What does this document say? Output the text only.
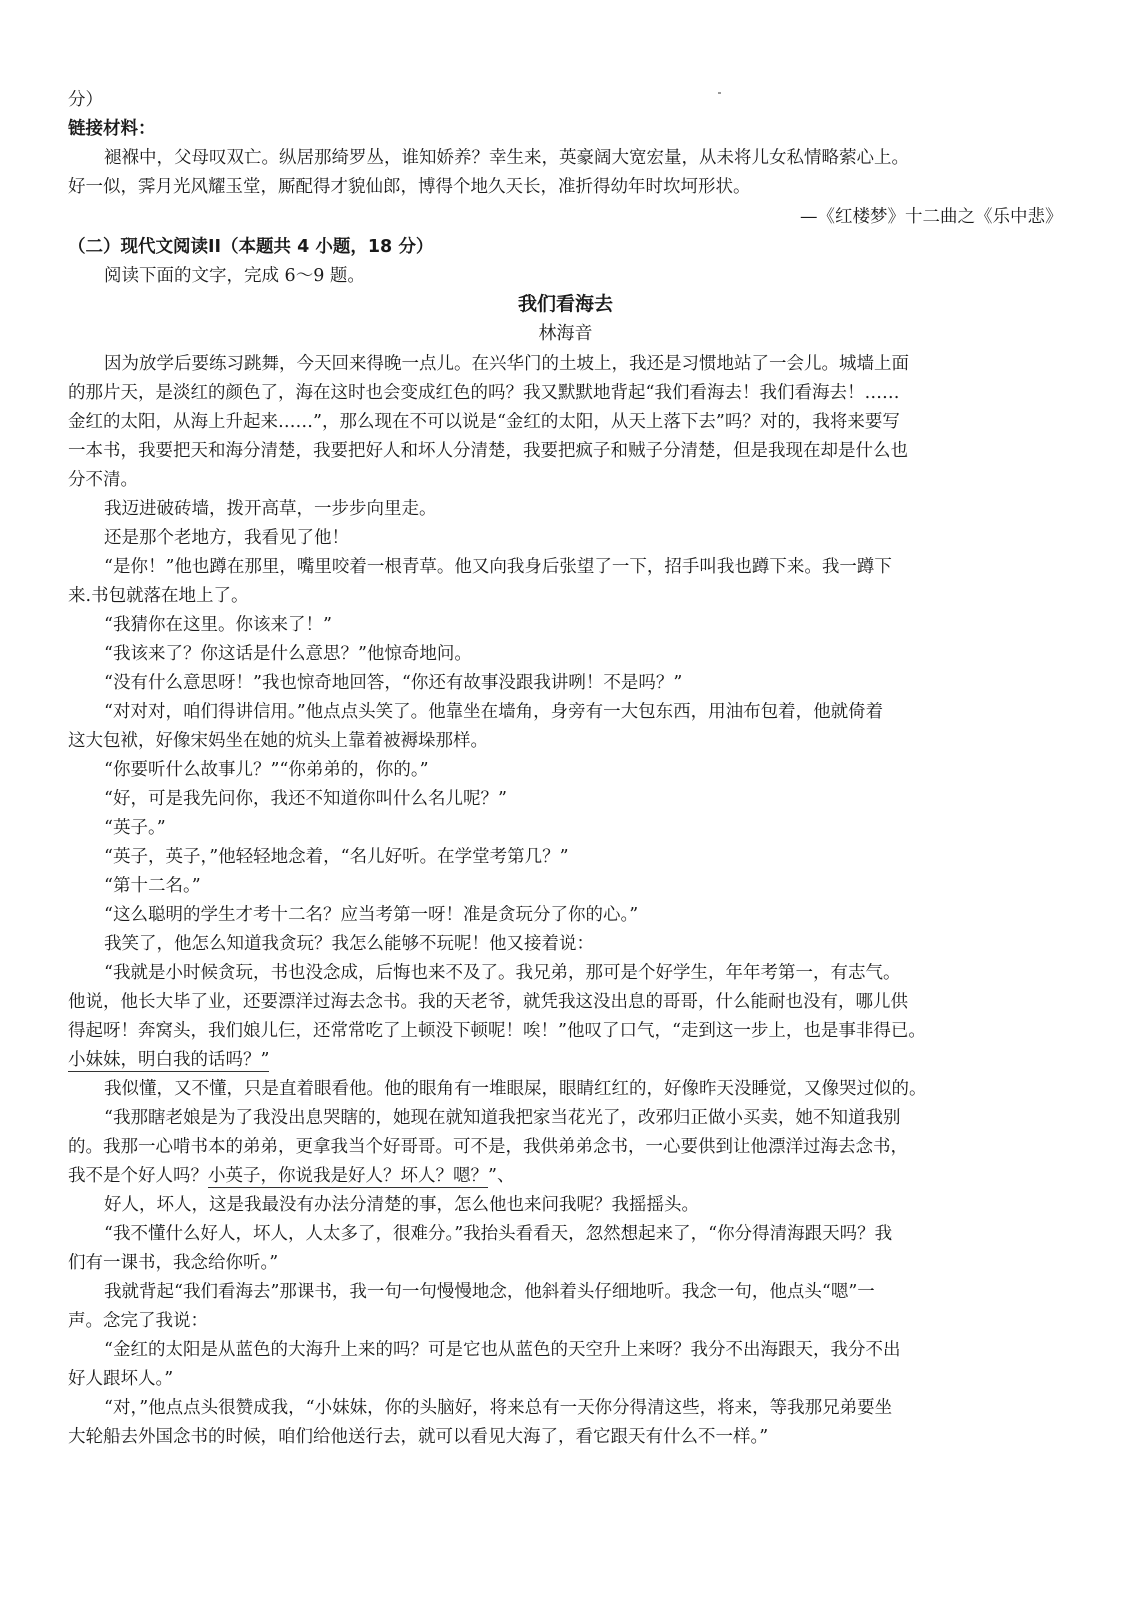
分）
链接材料：
褪褓中，父母叹双亡。纵居那绮罗丛，谁知娇养？幸生来，英豪阔大宽宏量，从未将儿女私情略萦心上。
好一似，霁月光风耀玉堂，厮配得才貌仙郎，博得个地久天长，准折得幼年时坎坷形状。
—《红楼梦》十二曲之《乐中悲》
（二）现代文阅读II（本题共 4 小题，18 分）
阅读下面的文字，完成 6～9 题。
我们看海去
林海音
因为放学后要练习跳舞，今天回来得晚一点儿。在兴华门的土坡上，我还是习惯地站了一会儿。城墙上面
的那片天，是淡红的颜色了，海在这时也会变成红色的吗？我又默默地背起“我们看海去！我们看海去！……
金红的太阳，从海上升起来……”，那么现在不可以说是“金红的太阳，从天上落下去”吗？对的，我将来要写
一本书，我要把天和海分清楚，我要把好人和坏人分清楚，我要把疯子和贼子分清楚，但是我现在却是什么也
分不清。
我迈进破砖墙，拨开高草，一步步向里走。
还是那个老地方，我看见了他！
“是你！”他也蹲在那里，嘴里咬着一根青草。他又向我身后张望了一下，招手叫我也蹲下来。我一蹲下
来.书包就落在地上了。
“我猜你在这里。你该来了！”
“我该来了？你这话是什么意思？”他惊奇地问。
“没有什么意思呀！”我也惊奇地回答，“你还有故事没跟我讲咧！不是吗？”
“对对对，咱们得讲信用。”他点点头笑了。他靠坐在墙角，身旁有一大包东西，用油布包着，他就倚着
这大包袱，好像宋妈坐在她的炕头上靠着被褥垛那样。
“你要听什么故事儿？”“你弟弟的，你的。”
“好，可是我先问你，我还不知道你叫什么名儿呢？”
“英子。”
“英子，英子，”他轻轻地念着，“名儿好听。在学堂考第几？”
“第十二名。”
“这么聪明的学生才考十二名？应当考第一呀！准是贪玩分了你的心。”
我笑了，他怎么知道我贪玩？我怎么能够不玩呢！他又接着说：
“我就是小时候贪玩，书也没念成，后悔也来不及了。我兄弟，那可是个好学生，年年考第一，有志气。
他说，他长大毕了业，还要漂洋过海去念书。我的天老爷，就凭我这没出息的哥哥，什么能耐也没有，哪儿供
得起呀！奔窝头，我们娘儿仨，还常常吃了上顿没下顿呢！唉！”他叹了口气，“走到这一步上，也是事非得已。
小妹妹，明白我的话吗？”
我似懂，又不懂，只是直着眼看他。他的眼角有一堆眼屎，眼睛红红的，好像昨天没睡觉，又像哭过似的。
“我那瞎老娘是为了我没出息哭瞎的，她现在就知道我把家当花光了，改邪归正做小买卖，她不知道我别
的。我那一心啃书本的弟弟，更拿我当个好哥哥。可不是，我供弟弟念书，一心要供到让他漂洋过海去念书，
我不是个好人吗？小英子，你说我是好人？坏人？嗯？”、
好人，坏人，这是我最没有办法分清楚的事，怎么他也来问我呢？我摇摇头。
“我不懂什么好人，坏人，人太多了，很难分。”我抬头看看天，忽然想起来了，“你分得清海跟天吗？我
们有一课书，我念给你听。”
我就背起“我们看海去”那课书，我一句一句慢慢地念，他斜着头仔细地听。我念一句，他点头“嗯”一
声。念完了我说：
“金红的太阳是从蓝色的大海升上来的吗？可是它也从蓝色的天空升上来呀？我分不出海跟天，我分不出
好人跟坏人。”
“对，”他点点头很赞成我，“小妹妹，你的头脑好，将来总有一天你分得清这些，将来，等我那兄弟要坐
大轮船去外国念书的时候，咱们给他送行去，就可以看见大海了，看它跟天有什么不一样。”
